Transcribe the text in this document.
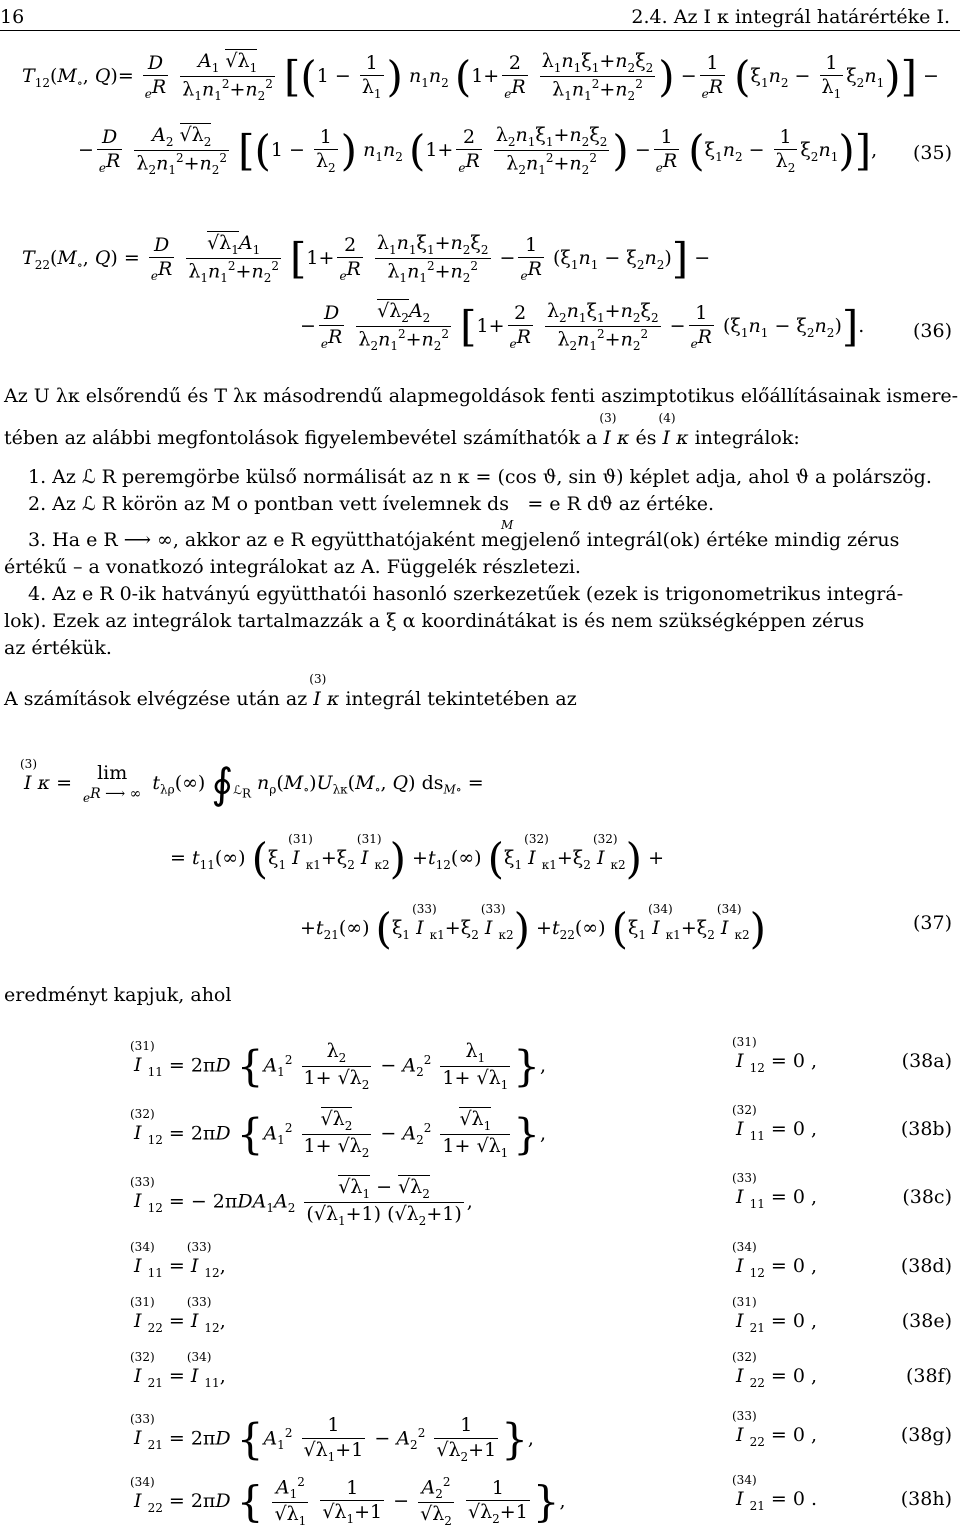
16	2.4. Az I κ integrál határértéke I.
$T_{12}(M_\circ$, $Q)= \frac{D}{_eR}$
$\frac{A_1 √\lambda_1}{\lambda_1n_1^2+n_2^2} [(1 - \frac{1}{\lambda_1}$ ) $n_1n_2$ ($1+ \frac{2}{_eR}$
$\frac{\lambda_1n_1\xi_1+n_2\xi_2}{\lambda_1n_1^2+n_2^2}$ ) − $\frac{1}{_eR} (\xi_1n_2 - \frac{1}{\lambda_1} \xi_2n_1)$] −
− $\frac{D}{_eR}$
$\frac{A_2 √\lambda_2}{\lambda_2n_1^2+n_2^2} [(1 - \frac{1}{\lambda_2}$ ) $n_1n_2$ ($1+ \frac{2}{_eR}$
$\frac{\lambda_2n_1\xi_1+n_2\xi_2}{\lambda_2n_1^2+n_2^2}$ ) − $\frac{1}{_eR} (\xi_1n_2 - \frac{1}{\lambda_2} \xi_2n_1)$], (35)
$T_{22}(M_\circ$, $Q) = \frac{D}{_eR}$
$\frac{√\lambda_1A_1}{\lambda_1n_1^2+n_2^2} [1+ \frac{2}{_eR}$
$\frac{\lambda_1n_1\xi_1+n_2\xi_2}{\lambda_1n_1^2+n_2^2} - \frac{1}{_eR} (\xi_1n_1 - \xi_2n_2)$] −
− $\frac{D}{_eR}$
$\frac{√\lambda_2A_2}{\lambda_2n_1^2+n_2^2} [1+ \frac{2}{_eR}$
$\frac{\lambda_2n_1\xi_1+n_2\xi_2}{\lambda_2n_1^2+n_2^2} - \frac{1}{_eR} (\xi_1n_1 - \xi_2n_2)$].	(36)
Az U λκ elsőrendű és T λκ másodrendű alapmegoldások fenti aszimptotikus előállításainak ismere-
tében az alábbi megfontolások figyelembevétel számíthatók a
(3)
I κ és
(4)
I κ integrálok:
1. Az ℒ R peremgörbe külső normálisát az n κ = (cos ϑ, sin ϑ) képlet adja, ahol ϑ a polárszög.
2. Az ℒ R körön az M o pontban vett ívelemnek $ds_M = e$ R dϑ az értéke.
3. Ha e R ⟶ ∞, akkor az e R együtthatójaként megjelenő integrál(ok) értéke mindig zérus
értékű – a vonatkozó integrálokat az A. Függelék részletezi.
4. Az e R 0-ik hatványú együtthatói hasonló szerkezetűek (ezek is trigonometrikus integrá-
lok). Ezek az integrálok tartalmazzák a ξ α koordinátákat is és nem szükségképpen zérus
az értékük.
A számítások elvégzése után az
(3)
I κ integrál tekintetében az
(3)
I κ =	lim
$_e$R ⟶ ∞ $t_{\lambda\rho}(\infty)$ $∮_{ℒ_R}$ $n_\rho(M_\circ)U_{\lambda\kappa}(M_\circ$, Q) $ds_{M\circ}$ =
= $t_{11}(\infty)$ ($\xi_1$
(31)
I $_{\kappa 1}+\xi_2$
(31)
I $_{\kappa 2}) +t_{12}(\infty)$ ($\xi_1$
(32)
I $_{\kappa 1}+\xi_2$
(32)
I $_{\kappa 2}$) +
$+t_{21}(\infty)$ ($\xi_1$
(33)
I $_{\kappa 1}+\xi_2$
(33)
I $_{\kappa 2}) +t_{22}(\infty)$ ($\xi_1$
(34)
I $_{\kappa 1}+\xi_2$
(34)
I $_{\kappa 2}$)	(37)
eredményt kapjuk, ahol
(31)
I $_{11}$ = 2πD {$A_1^2 \frac{\lambda_2}{1+ √\lambda_2} - A_2^2 \frac{\lambda_1}{1+ √\lambda_1}$ },
(31)
I $_{12}$ = 0 ,	(38a)
(32)
I $_{12}$ = 2πD {$A_1^2 \frac{√\lambda_2}{1+ √\lambda_2} - A_2^2 \frac{√\lambda_1}{1+ √\lambda_1}$ },
(32)
I $_{11}$ = 0 ,	(38b)
(33)
I $_{12}$ = − $2\pi DA_1A_2 \frac{√\lambda_1 - √\lambda_2}{(√\lambda_1+1) (√\lambda_2+1)}$ ,
(33)
I $_{11}$ = 0 ,	(38c)
(34)
I $_{11}$ =
(33)
I $_{12}$,
(34)
I $_{12}$ = 0 ,	(38d)
(31)
I $_{22}$ =
(33)
I $_{12}$,
(31)
I $_{21}$ = 0 ,	(38e)
(32)
I $_{21}$ =
(34)
I $_{11}$,
(32)
I $_{22}$ = 0 ,	(38f)
(33)
I $_{21}$ = 2πD {$A_1^2 \frac{1}{√\lambda_1+1} - A_2^2 \frac{1}{√\lambda_2+1}$ },
(33)
I $_{22}$ = 0 ,	(38g)
(34)
I $_{22}$ = 2πD { $\frac{A_1^2}{√\lambda_1}$
$\frac{1}{√\lambda_1+1} - \frac{A_2^2}{√\lambda_2}$
$\frac{1}{√\lambda_2+1}$ },
(34)
I $_{21}$ = 0 .	(38h)
